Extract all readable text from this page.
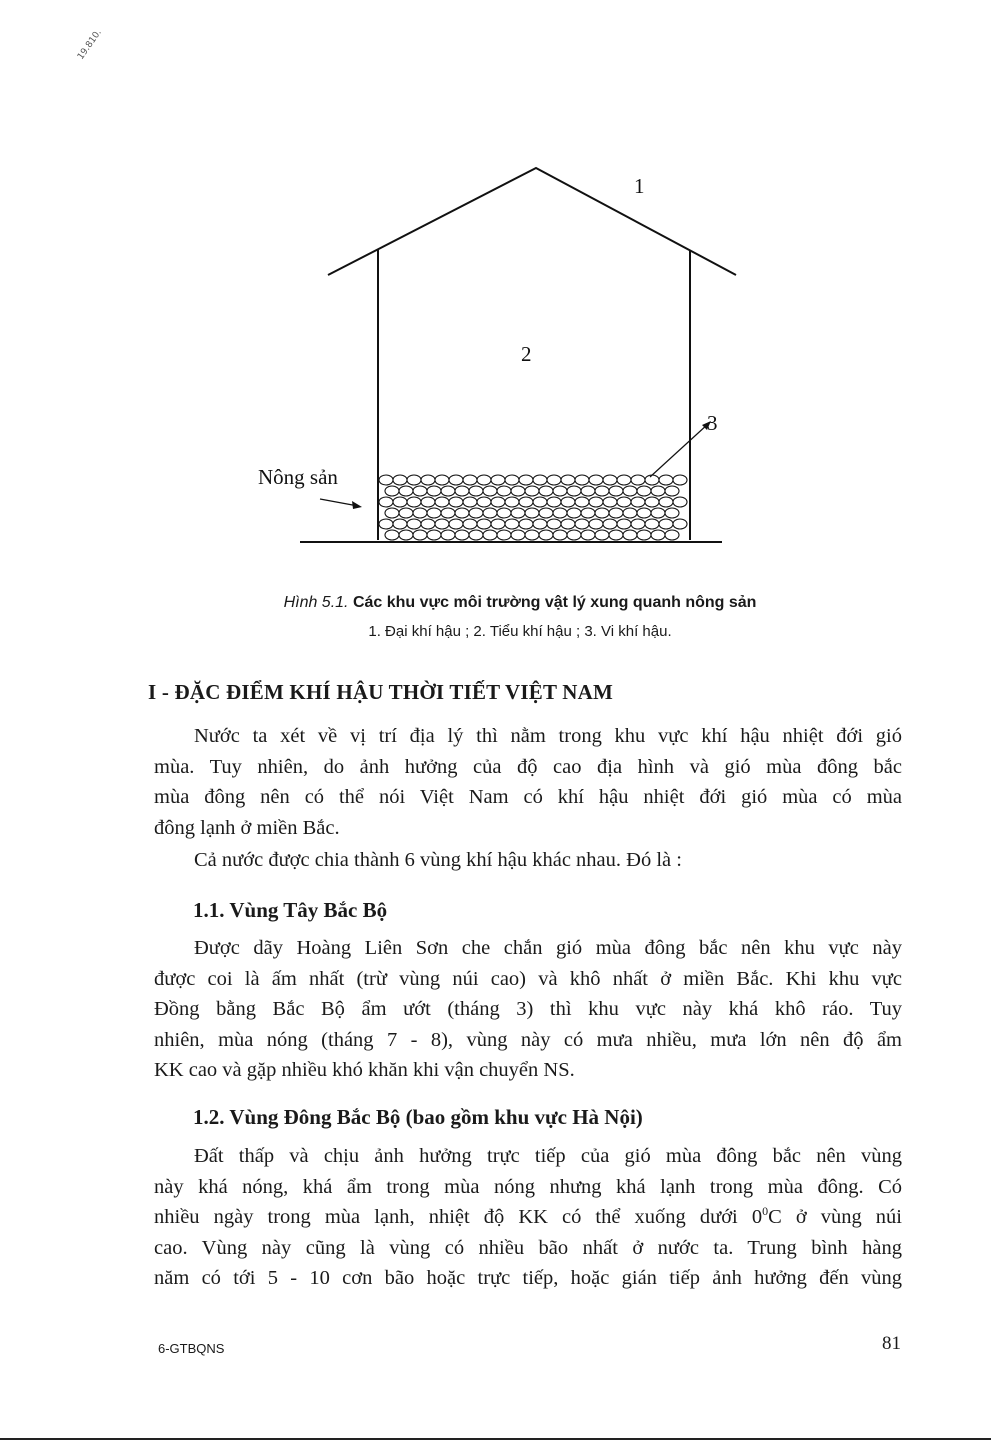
19.810.
1
2
3
Nông sản
Hình 5.1. Các khu vực môi trường vật lý xung quanh nông sản
1. Đại khí hậu ; 2. Tiểu khí hậu ; 3. Vi khí hậu.
I - ĐẶC ĐIỂM KHÍ HẬU THỜI TIẾT VIỆT NAM
Nước ta xét về vị trí địa lý thì nằm trong khu vực khí hậu nhiệt đới gió
mùa. Tuy nhiên, do ảnh hưởng của độ cao địa hình và gió mùa đông bắc
mùa đông nên có thể nói Việt Nam có khí hậu nhiệt đới gió mùa có mùa
đông lạnh ở miền Bắc.
Cả nước được chia thành 6 vùng khí hậu khác nhau. Đó là :
1.1. Vùng Tây Bắc Bộ
Được dãy Hoàng Liên Sơn che chắn gió mùa đông bắc nên khu vực này
được coi là ấm nhất (trừ vùng núi cao) và khô nhất ở miền Bắc. Khi khu vực
Đồng bằng Bắc Bộ ẩm ướt (tháng 3) thì khu vực này khá khô ráo. Tuy
nhiên, mùa nóng (tháng 7 - 8), vùng này có mưa nhiều, mưa lớn nên độ ẩm
KK cao và gặp nhiều khó khăn khi vận chuyển NS.
1.2. Vùng Đông Bắc Bộ (bao gồm khu vực Hà Nội)
Đất thấp và chịu ảnh hưởng trực tiếp của gió mùa đông bắc nên vùng
này khá nóng, khá ẩm trong mùa nóng nhưng khá lạnh trong mùa đông. Có
nhiều ngày trong mùa lạnh, nhiệt độ KK có thể xuống dưới $0^0C$ ở vùng núi
cao. Vùng này cũng là vùng có nhiều bão nhất ở nước ta. Trung bình hàng
năm có tới 5 - 10 cơn bão hoặc trực tiếp, hoặc gián tiếp ảnh hưởng đến vùng
6-GTBQNS	81
